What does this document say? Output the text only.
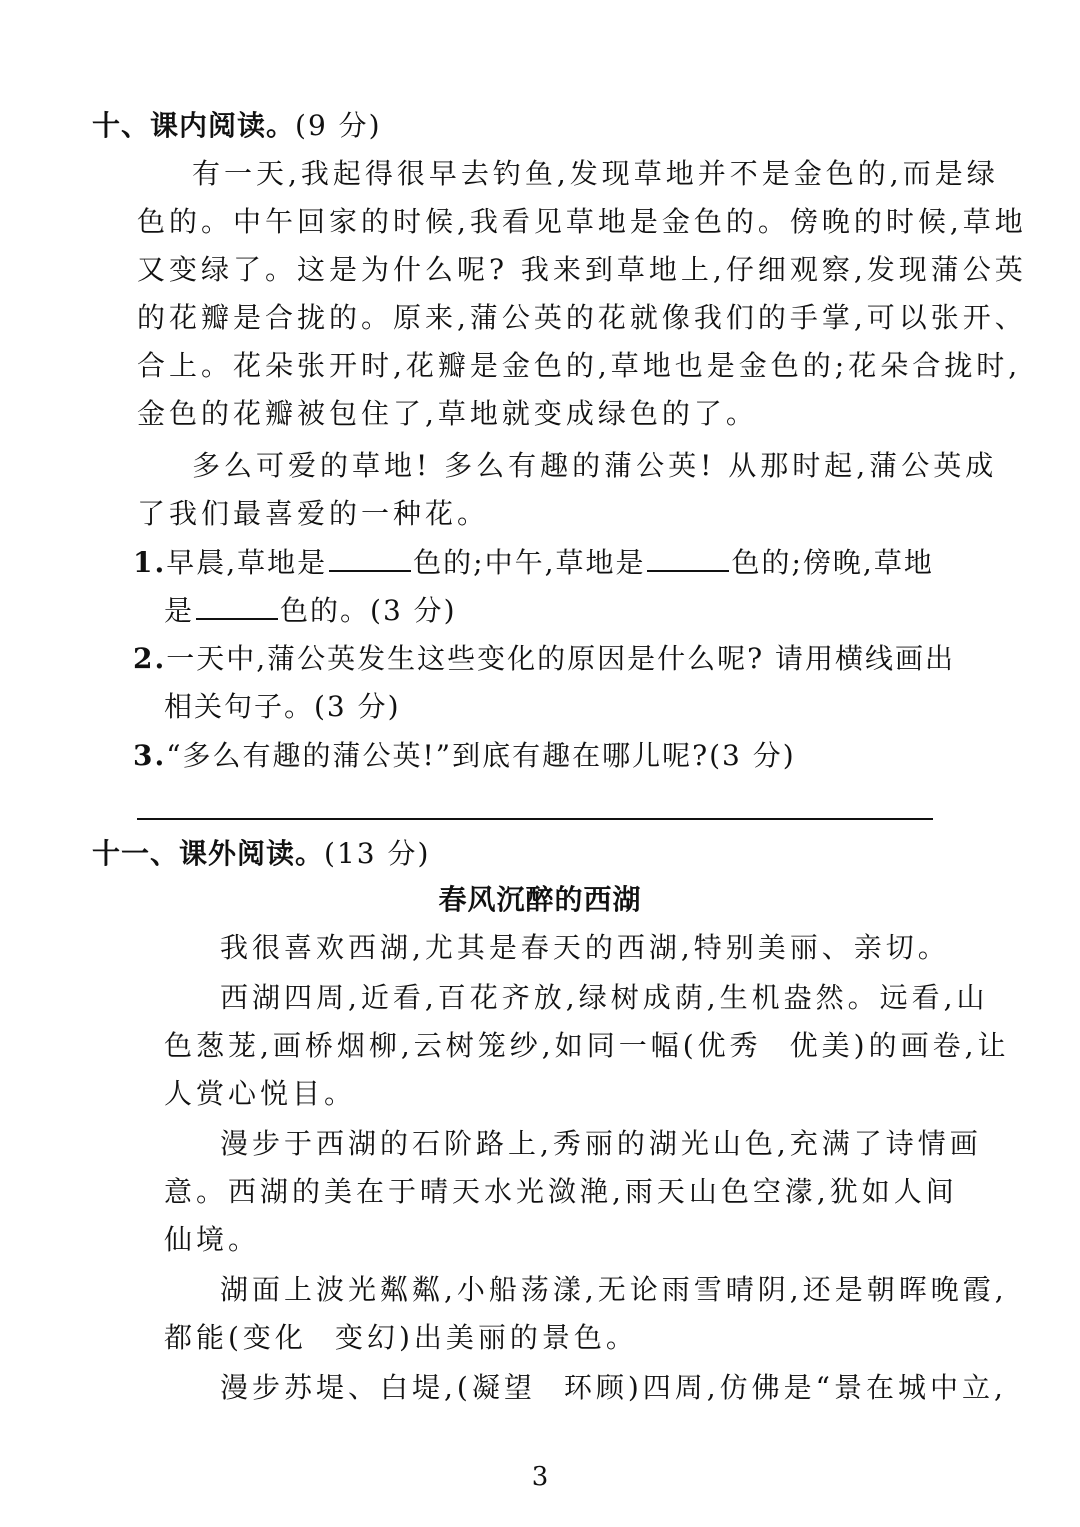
十、课内阅读。(9 分)
有一天,我起得很早去钓鱼,发现草地并不是金色的,而是绿
色的。中午回家的时候,我看见草地是金色的。傍晚的时候,草地
又变绿了。这是为什么呢? 我来到草地上,仔细观察,发现蒲公英
的花瓣是合拢的。原来,蒲公英的花就像我们的手掌,可以张开、
合上。花朵张开时,花瓣是金色的,草地也是金色的;花朵合拢时,
金色的花瓣被包住了,草地就变成绿色的了。
多么可爱的草地! 多么有趣的蒲公英! 从那时起,蒲公英成
了我们最喜爱的一种花。
1.早晨,草地是	色的;中午,草地是	色的;傍晚,草地
是	色的。(3 分)
2.一天中,蒲公英发生这些变化的原因是什么呢? 请用横线画出
相关句子。(3 分)
3.“多么有趣的蒲公英!”到底有趣在哪儿呢?(3 分)
十一、课外阅读。(13 分)
春风沉醉的西湖
我很喜欢西湖,尤其是春天的西湖,特别美丽、亲切。
西湖四周,近看,百花齐放,绿树成荫,生机盎然。远看,山
色葱茏,画桥烟柳,云树笼纱,如同一幅(优秀 优美)的画卷,让
人赏心悦目。
漫步于西湖的石阶路上,秀丽的湖光山色,充满了诗情画
意。西湖的美在于晴天水光潋滟,雨天山色空濛,犹如人间
仙境。
湖面上波光粼粼,小船荡漾,无论雨雪晴阴,还是朝晖晚霞,
都能(变化 变幻)出美丽的景色。
漫步苏堤、白堤,(凝望 环顾)四周,仿佛是“景在城中立,
3
